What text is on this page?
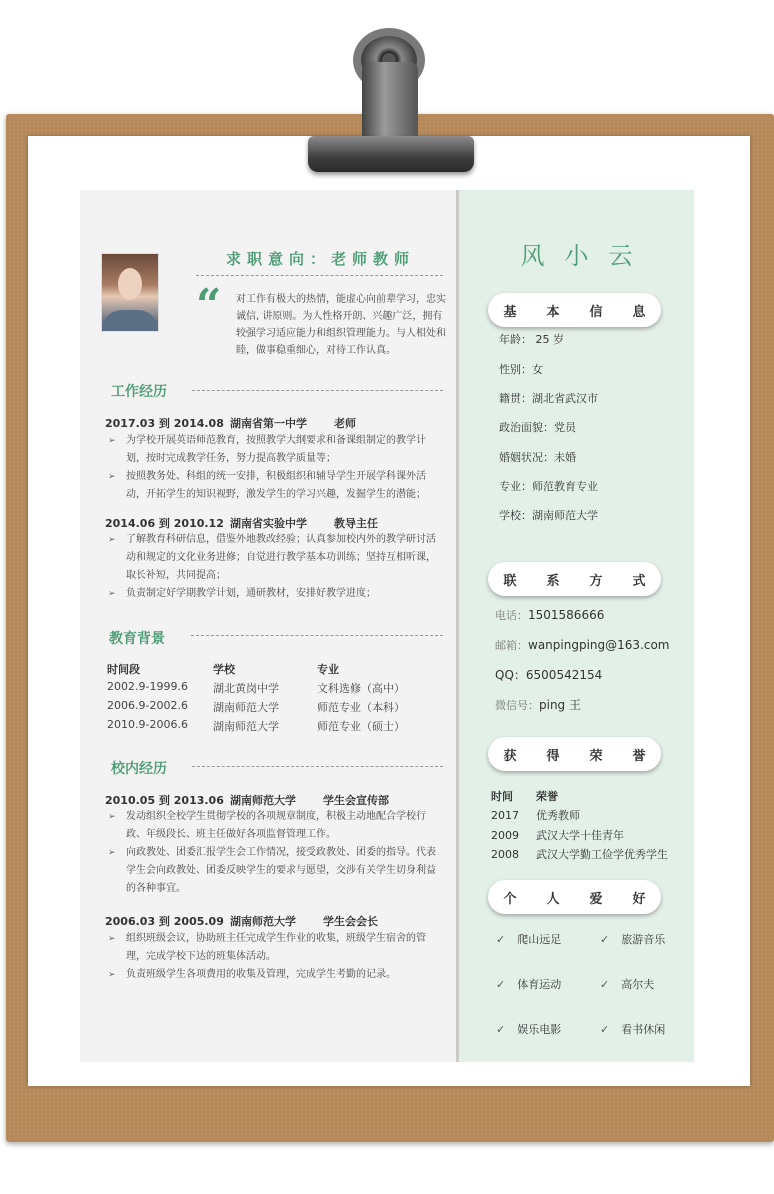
求职意向：老师教师
“ 对工作有极大的热情，能虚心向前辈学习，忠实诚信, 讲原则。为人性格开朗、兴趣广泛，拥有较强学习适应能力和组织管理能力。与人相处和睦，做事稳重细心，对待工作认真。
工作经历
2017.03 到 2014.08 湖南省第一中学 老师
➢ 为学校开展英语师范教育，按照教学大纲要求和备课组制定的教学计划，按时完成教学任务，努力提高教学质量等；
➢ 按照教务处、科组的统一安排，积极组织和辅导学生开展学科课外活动，开拓学生的知识视野，激发学生的学习兴趣，发掘学生的潜能；
2014.06 到 2010.12 湖南省实验中学 教导主任
➢ 了解教育科研信息，借鉴外地教改经验；认真参加校内外的教学研讨活动和规定的文化业务进修；自觉进行教学基本功训练；坚持互相听课，取长补短，共同提高；
➢ 负责制定好学期教学计划，通研教材，安排好教学进度；
教育背景
时间段	学校	专业
2002.9-1999.6 湖北黄岗中学	文科选修（高中）
2006.9-2002.6 湖南师范大学	师范专业（本科）
2010.9-2006.6 湖南师范大学	师范专业（硕士）
校内经历
2010.05 到 2013.06 湖南师范大学 学生会宣传部
➢ 发动组织全校学生贯彻学校的各项规章制度，积极主动地配合学校行政、年级段长、班主任做好各项监督管理工作。
➢ 向政教处、团委汇报学生会工作情况，接受政教处、团委的指导。代表学生会向政教处、团委反映学生的要求与愿望，交涉有关学生切身利益的各种事宜。
2006.03 到 2005.09 湖南师范大学 学生会会长
➢ 组织班级会议，协助班主任完成学生作业的收集，班级学生宿舍的管理，完成学校下达的班集体活动。
➢ 负责班级学生各项费用的收集及管理，完成学生考勤的记录。
风小云
基本信息
年龄： 25 岁
性别：女
籍贯：湖北省武汉市
政治面貌：党员
婚姻状况：未婚
专业：师范教育专业
学校：湖南师范大学
联系方式
电话：1501586666
邮箱：wanpingping@163.com
QQ：6500542154
微信号：ping 王
获得荣誉
时间 荣誉
2017 优秀教师
2009 武汉大学十佳青年
2008 武汉大学勤工俭学优秀学生
个人爱好
✓ 爬山远足	✓ 旅游音乐
✓ 体育运动	✓ 高尔夫
✓ 娱乐电影	✓ 看书休闲
